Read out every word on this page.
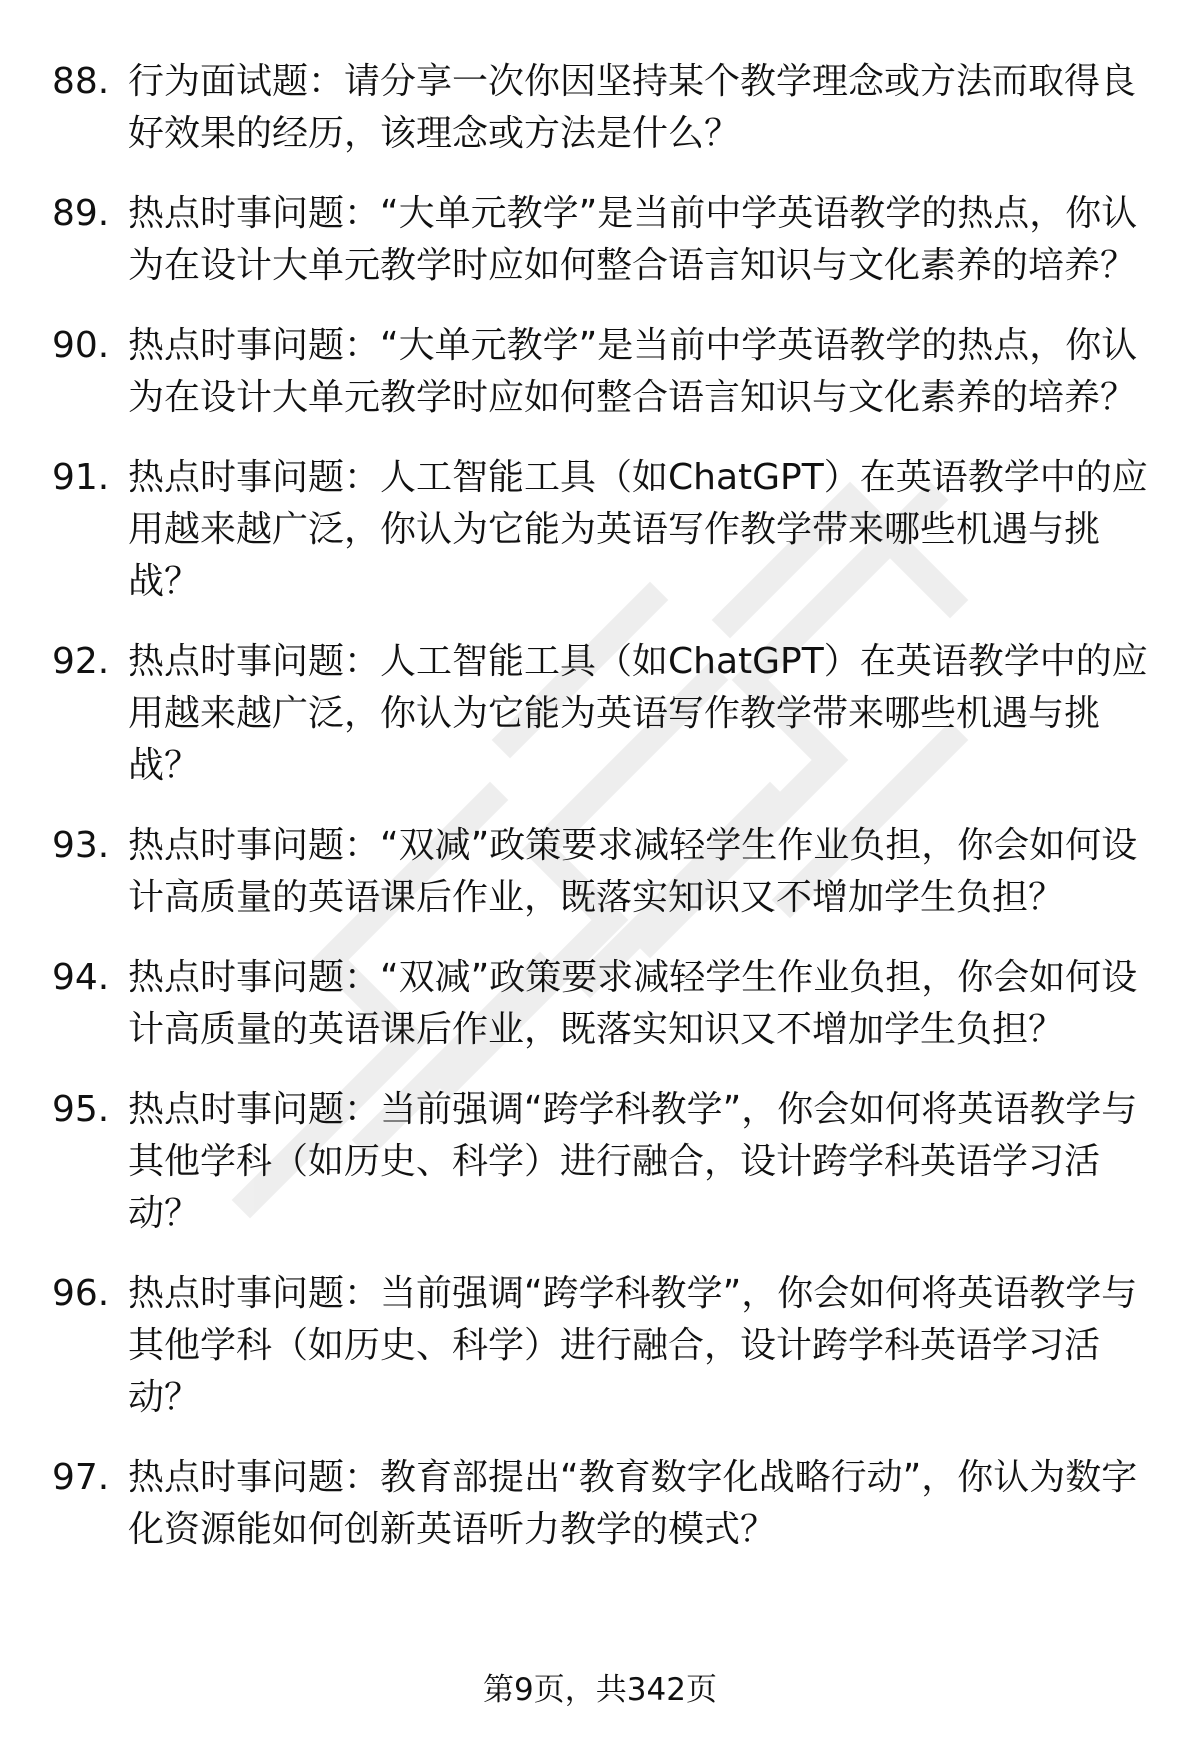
88. 行为面试题：请分享一次你因坚持某个教学理念或方法而取得良好效果的经历，该理念或方法是什么？
89. 热点时事问题：“大单元教学”是当前中学英语教学的热点，你认为在设计大单元教学时应如何整合语言知识与文化素养的培养？
90. 热点时事问题：“大单元教学”是当前中学英语教学的热点，你认为在设计大单元教学时应如何整合语言知识与文化素养的培养？
91. 热点时事问题：人工智能工具（如ChatGPT）在英语教学中的应用越来越广泛，你认为它能为英语写作教学带来哪些机遇与挑战？
92. 热点时事问题：人工智能工具（如ChatGPT）在英语教学中的应用越来越广泛，你认为它能为英语写作教学带来哪些机遇与挑战？
93. 热点时事问题：“双减”政策要求减轻学生作业负担，你会如何设计高质量的英语课后作业，既落实知识又不增加学生负担？
94. 热点时事问题：“双减”政策要求减轻学生作业负担，你会如何设计高质量的英语课后作业，既落实知识又不增加学生负担？
95. 热点时事问题：当前强调“跨学科教学”，你会如何将英语教学与其他学科（如历史、科学）进行融合，设计跨学科英语学习活动？
96. 热点时事问题：当前强调“跨学科教学”，你会如何将英语教学与其他学科（如历史、科学）进行融合，设计跨学科英语学习活动？
97. 热点时事问题：教育部提出“教育数字化战略行动”，你认为数字化资源能如何创新英语听力教学的模式？
第9页，共342页
